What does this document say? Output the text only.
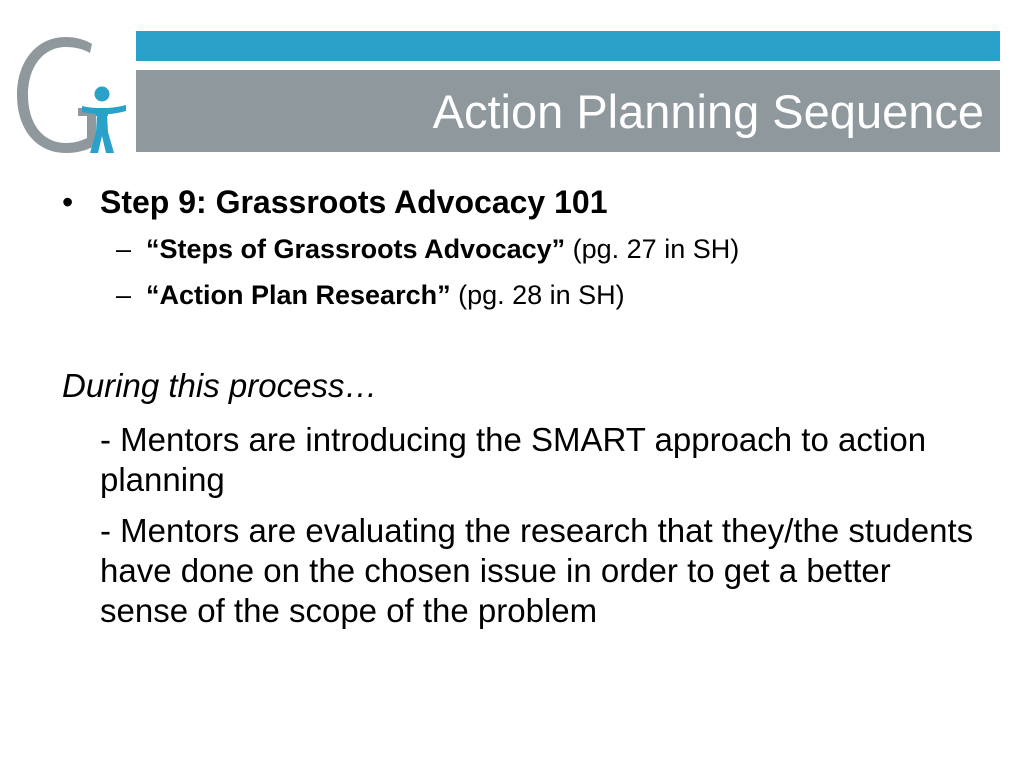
Action Planning Sequence
• Step 9: Grassroots Advocacy 101
– “Steps of Grassroots Advocacy” (pg. 27 in SH)
– “Action Plan Research” (pg. 28 in SH)
During this process…
- Mentors are introducing the SMART approach to action planning
- Mentors are evaluating the research that they/the students have done on the chosen issue in order to get a better sense of the scope of the problem
